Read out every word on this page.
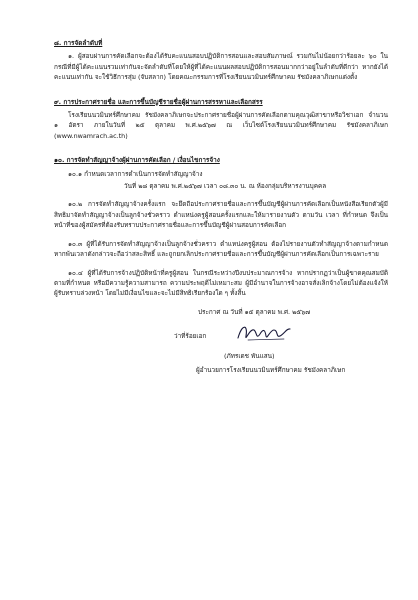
๘. การจัดลำดับที่
๑. ผู้สอบผ่านการคัดเลือกจะต้องได้รับคะแนนสอบปฏิบัติการสอนและสอบสัมภาษณ์ รวมกันไม่น้อยกว่าร้อยละ ๖๐ ในกรณีที่มีผู้ได้คะแนนรวมเท่ากันจะจัดลำดับที่โดยให้ผู้ที่ได้คะแนนผลสอบปฏิบัติการสอนมากกว่าอยู่ในลำดับที่ดีกว่า หากยังได้คะแนนเท่ากัน จะใช้วิธีการสุ่ม (จับสลาก) โดยคณะกรรมการที่โรงเรียนนวมินทร์ศึกษาคม รัชมังคลาภิเษกแต่งตั้ง
๙. การประกาศรายชื่อ และการขึ้นบัญชีรายชื่อผู้ผ่านการสรรหาและเลือกสรร
โรงเรียนนวมินทร์ศึกษาคม รัชมังคลาภิเษกจะประกาศรายชื่อผู้ผ่านการคัดเลือกตามคุณวุฒิสาขาหรือวิชาเอก จำนวน ๑ อัตรา ภายในวันที่ ๒๕ ตุลาคม พ.ศ.๒๕๖๗ ณ เว็บไซต์โรงเรียนนวมินทร์ศึกษาคม รัชมังคลาภิเษก (www.nwamrach.ac.th)
๑๐. การจัดทำสัญญาจ้างผู้ผ่านการคัดเลือก / เงื่อนไขการจ้าง
๑๐.๑ กำหนดเวลาการดำเนินการจัดทำสัญญาจ้าง
วันที่ ๒๘ ตุลาคม พ.ศ.๒๕๖๗ เวลา ๐๘.๓๐ น. ณ ห้องกลุ่มบริหารงานบุคคล
๑๐.๒ การจัดทำสัญญาจ้างครั้งแรก จะยึดถือประกาศรายชื่อและการขึ้นบัญชีผู้ผ่านการคัดเลือกเป็นหนังสือเรียกตัวผู้มีสิทธิมาจัดทำสัญญาจ้างเป็นลูกจ้างชั่วคราว ตำแหน่งครูผู้สอนครั้งแรกและให้มารายงานตัว ตามวัน เวลา ที่กำหนด จึงเป็นหน้าที่ของผู้สมัครที่ต้องรับทราบประกาศรายชื่อและการขึ้นบัญชีผู้ผ่านสอบการคัดเลือก
๑๐.๓ ผู้ที่ได้รับการจัดทำสัญญาจ้างเป็นลูกจ้างชั่วคราว ตำแหน่งครูผู้สอน ต้องไปรายงานตัวทำสัญญาจ้างตามกำหนด หากพ้นเวลาดังกล่าวจะถือว่าสละสิทธิ์ และถูกยกเลิกประกาศรายชื่อและการขึ้นบัญชีผู้ผ่านการคัดเลือกเป็นการเฉพาะราย
๑๐.๔ ผู้ที่ได้รับการจ้างปฏิบัติหน้าที่ครูผู้สอน ในกรณีระหว่างปีงบประมาณการจ้าง หากปรากฏว่าเป็นผู้ขาดคุณสมบัติตามที่กำหนด หรือมีความรู้ความสามารถ ความประพฤติไม่เหมาะสม ผู้มีอำนาจในการจ้างอาจสั่งเลิกจ้างโดยไม่ต้องแจ้งให้ผู้รับทราบล่วงหน้า โดยไม่มีเงื่อนไขและจะไม่มีสิทธิเรียกร้องใด ๆ ทั้งสิ้น
ประกาศ ณ วันที่ ๑๕ ตุลาคม พ.ศ. ๒๕๖๗
ว่าที่ร้อยเอก
(ภัทรเดช พันแสน)
ผู้อำนวยการโรงเรียนนวมินทร์ศึกษาคม รัชมังคลาภิเษก
